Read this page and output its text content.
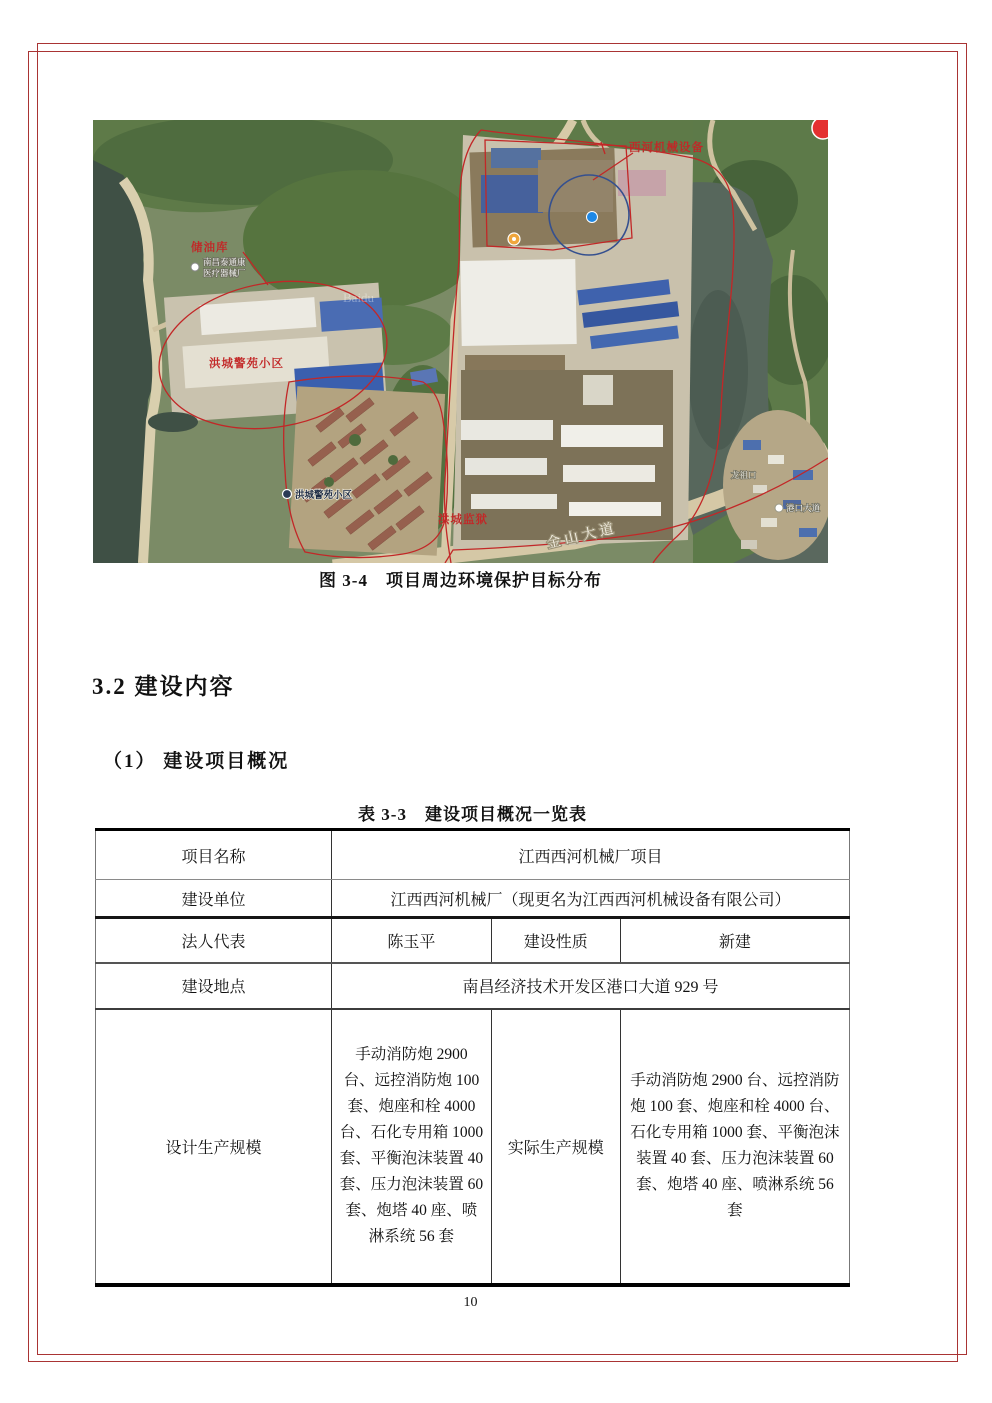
西河机械设备
储油库
洪城警苑小区
洪城监狱
南昌泰通康
医疗器械厂
洪城警苑小区
金山大道
港口大道
龙祖口
Baidu
图 3-4　项目周边环境保护目标分布
3.2 建设内容
（1） 建设项目概况
表 3-3　建设项目概况一览表
项目名称	江西西河机械厂项目		
建设单位	江西西河机械厂（现更名为江西西河机械设备有限公司）		
法人代表	陈玉平	建设性质	新建
建设地点	南昌经济技术开发区港口大道 929 号		
设计生产规模	手动消防炮 2900 台、远控消防炮 100 套、炮座和栓 4000 台、石化专用箱 1000 套、平衡泡沫装置 40 套、压力泡沫装置 60 套、炮塔 40 座、喷淋系统 56 套	实际生产规模	手动消防炮 2900 台、远控消防炮 100 套、炮座和栓 4000 台、石化专用箱 1000 套、平衡泡沫装置 40 套、压力泡沫装置 60 套、炮塔 40 座、喷淋系统 56 套
10
